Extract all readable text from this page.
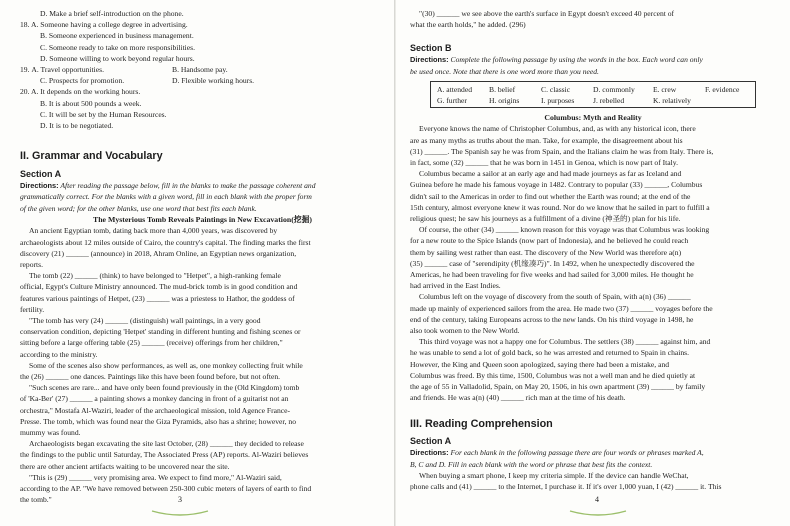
D. Make a brief self-introduction on the phone.
18. A. Someone having a college degree in advertising.
B. Someone experienced in business management.
C. Someone ready to take on more responsibilities.
D. Someone willing to work beyond regular hours.
19. A. Travel opportunities.	B. Handsome pay.
C. Prospects for promotion.	D. Flexible working hours.
20. A. It depends on the working hours.
B. It is about 500 pounds a week.
C. It will be set by the Human Resources.
D. It is to be negotiated.
II. Grammar and Vocabulary
Section A
Directions: After reading the passage below, fill in the blanks to make the passage coherent and
grammatically correct. For the blanks with a given word, fill in each blank with the proper form
of the given word; for the other blanks, use one word that best fits each blank.
The Mysterious Tomb Reveals Paintings in New Excavation(挖掘)
An ancient Egyptian tomb, dating back more than 4,000 years, was discovered by
archaeologists about 12 miles outside of Cairo, the country's capital. The finding marks the first
discovery (21) ______ (announce) in 2018, Ahram Online, an Egyptian news organization,
reports.
The tomb (22) ______ (think) to have belonged to "Hetpet", a high-ranking female
official, Egypt's Culture Ministry announced. The mud-brick tomb is in good condition and
features various paintings of Hetpet, (23) ______ was a priestess to Hathor, the goddess of
fertility.
"The tomb has very (24) ______ (distinguish) wall paintings, in a very good
conservation condition, depicting 'Hetpet' standing in different hunting and fishing scenes or
sitting before a large offering table (25) ______ (receive) offerings from her children,"
according to the ministry.
Some of the scenes also show performances, as well as, one monkey collecting fruit while
the (26) ______ one dances. Paintings like this have been found before, but not often.
"Such scenes are rare... and have only been found previously in the (Old Kingdom) tomb
of 'Ka-Ber' (27) ______ a painting shows a monkey dancing in front of a guitarist not an
orchestra," Mostafa Al-Waziri, leader of the archaeological mission, told Agence France-
Presse. The tomb, which was found near the Giza Pyramids, also has a shrine; however, no
mummy was found.
Archaeologists began excavating the site last October, (28) ______ they decided to release
the findings to the public until Saturday, The Associated Press (AP) reports. Al-Waziri believes
there are other ancient artifacts waiting to be uncovered near the site.
"This is (29) ______ very promising area. We expect to find more," Al-Waziri said,
according to the AP. "We have removed between 250-300 cubic meters of layers of earth to find
the tomb."	3
"(30) ______ we see above the earth's surface in Egypt doesn't exceed 40 percent of
what the earth holds," he added. (296)
Section B
Directions: Complete the following passage by using the words in the box. Each word can only
be used once. Note that there is one word more than you need.
A. attended	B. belief	C. classic	D. commonly	E. crew	F. evidence
G. further	H. origins	I. purposes	J. rebelled	K. relatively
Columbus: Myth and Reality
Everyone knows the name of Christopher Columbus, and, as with any historical icon, there
are as many myths as truths about the man. Take, for example, the disagreement about his
(31) ______. The Spanish say he was from Spain, and the Italians claim he was from Italy. There is,
in fact, some (32) ______ that he was born in 1451 in Genoa, which is now part of Italy.
Columbus became a sailor at an early age and had made journeys as far as Iceland and
Guinea before he made his famous voyage in 1482. Contrary to popular (33) ______, Columbus
didn't sail to the Americas in order to find out whether the Earth was round; at the end of the
15th century, almost everyone knew it was round. Nor do we know that he sailed in part to fulfill a
religious quest; he saw his journeys as a fulfillment of a divine (神圣的) plan for his life.
Of course, the other (34) ______ known reason for this voyage was that Columbus was looking
for a new route to the Spice Islands (now part of Indonesia), and he believed he could reach
them by sailing west rather than east. The discovery of the New World was therefore a(n)
(35) ______ case of "serendipity (机缘凑巧)". In 1492, when he unexpectedly discovered the
Americas, he had been traveling for five weeks and had sailed for 3,000 miles. He thought he
had arrived in the East Indies.
Columbus left on the voyage of discovery from the south of Spain, with a(n) (36) ______
made up mainly of experienced sailors from the area. He made two (37) ______ voyages before the
end of the century, taking Europeans across to the new lands. On his third voyage in 1498, he
also took women to the New World.
This third voyage was not a happy one for Columbus. The settlers (38) ______ against him, and
he was unable to send a lot of gold back, so he was arrested and returned to Spain in chains.
However, the King and Queen soon apologized, saying there had been a mistake, and
Columbus was freed. By this time, 1500, Columbus was not a well man and he died quietly at
the age of 55 in Valladolid, Spain, on May 20, 1506, in his own apartment (39) ______ by family
and friends. He was a(n) (40) ______ rich man at the time of his death.
III. Reading Comprehension
Section A
Directions: For each blank in the following passage there are four words or phrases marked A,
B, C and D. Fill in each blank with the word or phrase that best fits the context.
When buying a smart phone, I keep my criteria simple. If the device can handle WeChat,
phone calls and (41) ______ to the Internet, I purchase it. If it's over 1,000 yuan, I (42) ______ it. This
4
